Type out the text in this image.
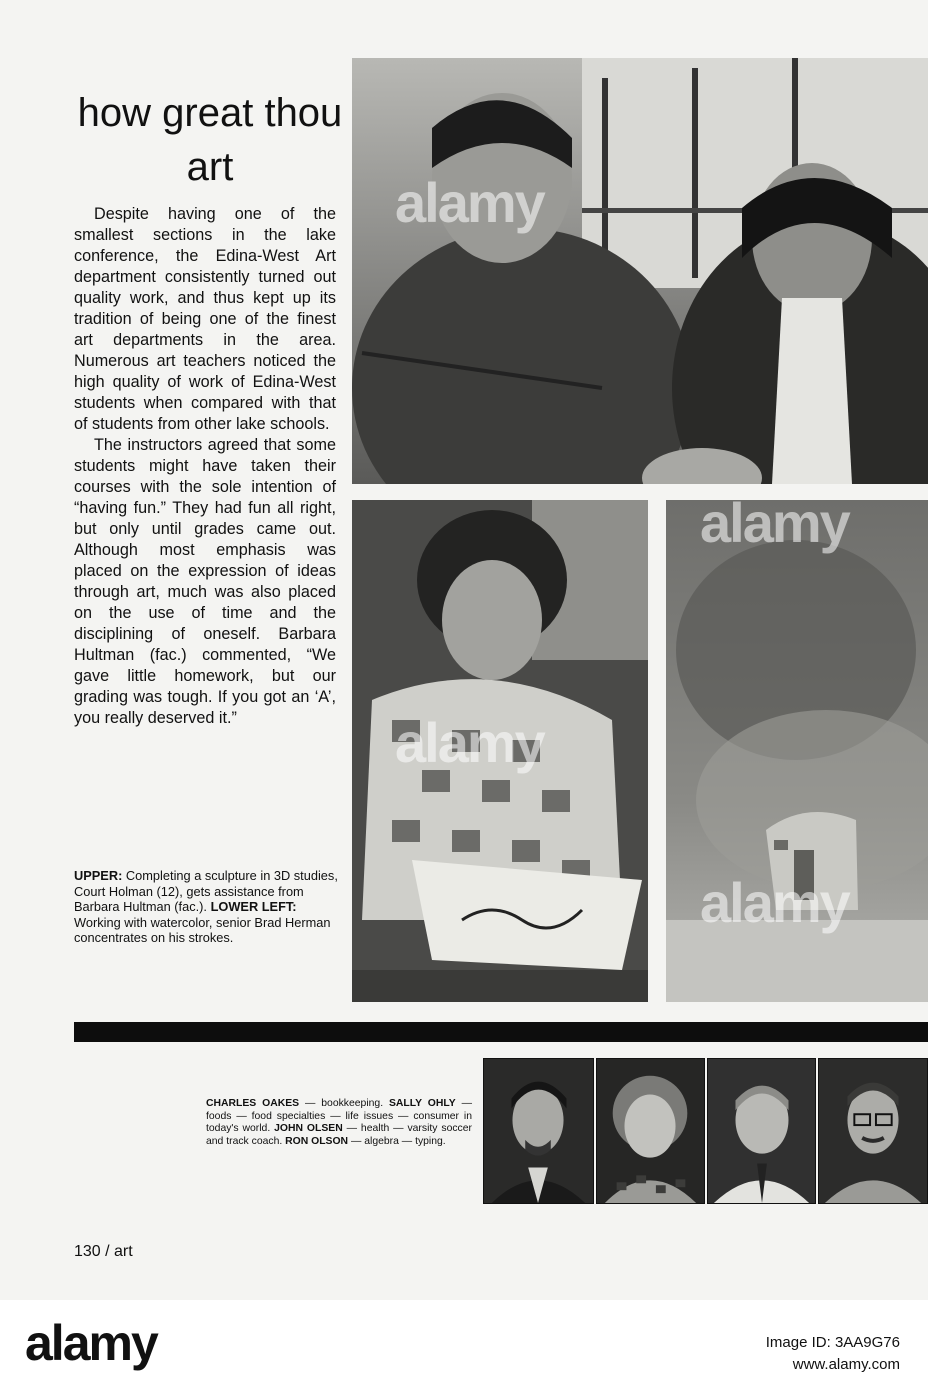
how great thou art

Despite having one of the smallest sections in the lake conference, the Edina-West Art department consistently turned out quality work, and thus kept up its tradition of being one of the finest art departments in the area. Numerous art teachers noticed the high quality of work of Edina-West students when compared with that of students from other lake schools.

The instructors agreed that some students might have taken their courses with the sole intention of “having fun.” They had fun all right, but only until grades came out. Although most emphasis was placed on the expression of ideas through art, much was also placed on the use of time and the disciplining of oneself. Barbara Hultman (fac.) commented, “We gave little homework, but our grading was tough. If you got an ‘A’, you really deserved it.”

UPPER: Completing a sculpture in 3D studies, Court Holman (12), gets assistance from Barbara Hultman (fac.). LOWER LEFT: Working with watercolor, senior Brad Herman concentrates on his strokes.
CHARLES OAKES — bookkeeping. SALLY OHLY — foods — food specialties — life issues — consumer in today's world. JOHN OLSEN — health — varsity soccer and track coach. RON OLSON — algebra — typing.
130 / art
alamy
alamy
alamy
alamy
alamy	Image ID: 3AA9G76
www.alamy.com
